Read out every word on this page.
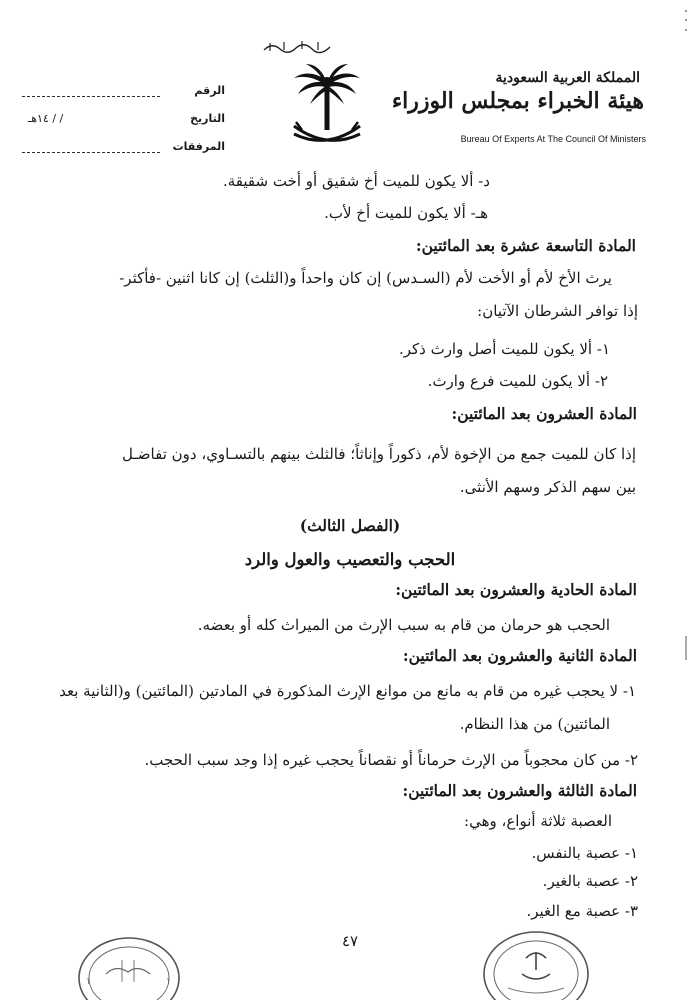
المملكة العربية السعودية
هيئة الخبراء بمجلس الوزراء
Bureau Of Experts At The Council Of Ministers
الرقم
التاريخ
/ / ١٤هـ
المرفقات
د- ألا يكون للميت أخ شقيق أو أخت شقيقة.
هـ- ألا يكون للميت أخ لأب.
المادة التاسعة عشرة بعد المائتين:
يرث الأخ لأم أو الأخت لأم (السـدس) إن كان واحداً و(الثلث) إن كانا اثنين -فأكثر-
إذا توافر الشرطان الآتيان:
١- ألا يكون للميت أصل وارث ذكر.
٢- ألا يكون للميت فرع وارث.
المادة العشرون بعد المائتين:
إذا كان للميت جمع من الإخوة لأم، ذكوراً وإناثاً؛ فالثلث بينهم بالتسـاوي، دون تفاضـل
بين سهم الذكر وسهم الأنثى.
(الفصل الثالث)
الحجب والتعصيب والعول والرد
المادة الحادية والعشرون بعد المائتين:
الحجب هو حرمان من قام به سبب الإرث من الميراث كله أو بعضه.
المادة الثانية والعشرون بعد المائتين:
١- لا يحجب غيره من قام به مانع من موانع الإرث المذكورة في المادتين (المائتين) و(الثانية بعد
المائتين) من هذا النظام.
٢- من كان محجوباً من الإرث حرماناً أو نقصاناً يحجب غيره إذا وجد سبب الحجب.
المادة الثالثة والعشرون بعد المائتين:
العصبة ثلاثة أنواع، وهي:
١- عصبة بالنفس.
٢- عصبة بالغير.
٣- عصبة مع الغير.
٤٧
١	١
